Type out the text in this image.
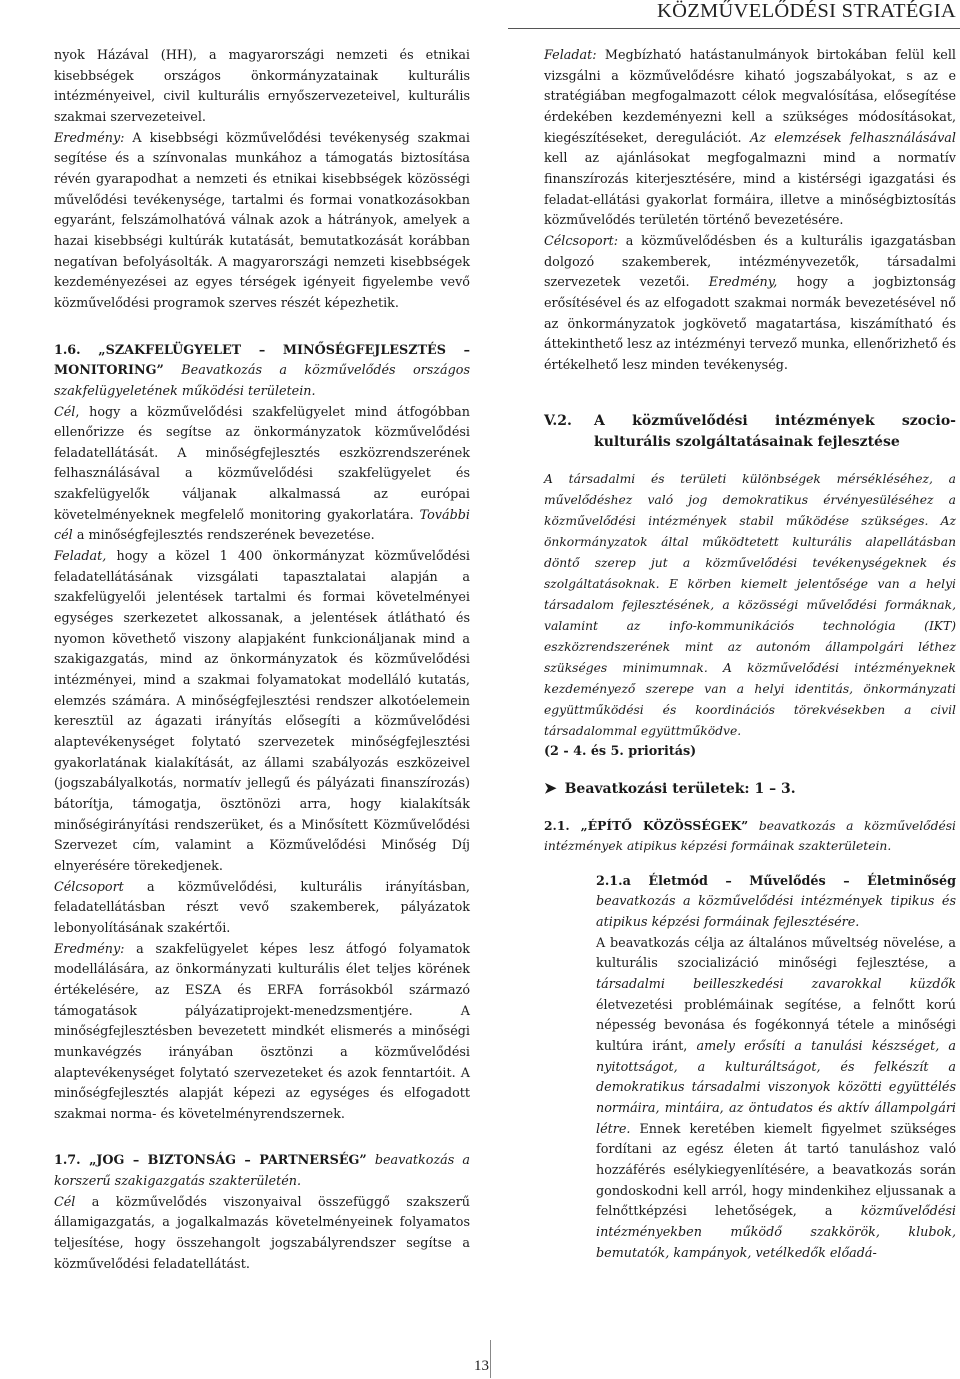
KÖZMŰVELŐDÉSI STRATÉGIA

nyok Házával (HH), a magyarországi nemzeti és etnikai kisebbségek országos önkormányzatainak kulturális intézményeivel, civil kulturális ernyőszervezeteivel, kulturális szakmai szervezeteivel.

Eredmény: A kisebbségi közművelődési tevékenység szakmai segítése és a színvonalas munkához a támogatás biztosítása révén gyarapodhat a nemzeti és etnikai kisebbségek közösségi művelődési tevékenysége, tartalmi és formai vonatkozásokban egyaránt, felszámolhatóvá válnak azok a hátrányok, amelyek a hazai kisebbségi kultúrák kutatását, bemutatkozását korábban negatívan befolyásolták. A magyarországi nemzeti kisebbségek kezdeményezései az egyes térségek igényeit figyelembe vevő közművelődési programok szerves részét képezhetik.

1.6. „SZAKFELÜGYELET – MINŐSÉGFEJLESZTÉS – MONITORING” Beavatkozás a közművelődés országos szakfelügyeletének működési területein.

Cél, hogy a közművelődési szakfelügyelet mind átfogóbban ellenőrizze és segítse az önkormányzatok közművelődési feladatellátását. A minőségfejlesztés eszközrendszerének felhasználásával a közművelődési szakfelügyelet és szakfelügyelők váljanak alkalmassá az európai követelményeknek megfelelő monitoring gyakorlatára. További cél a minőségfejlesztés rendszerének bevezetése.

Feladat, hogy a közel 1 400 önkormányzat közművelődési feladatellátásának vizsgálati tapasztalatai alapján a szakfelügyelői jelentések tartalmi és formai követelményei egységes szerkezetet alkossanak, a jelentések átlátható és nyomon követhető viszony alapjaként funkcionáljanak mind a szakigazgatás, mind az önkormányzatok és közművelődési intézményei, mind a szakmai folyamatokat modelláló kutatás, elemzés számára. A minőségfejlesztési rendszer alkotóelemein keresztül az ágazati irányítás elősegíti a közművelődési alaptevékenységet folytató szervezetek minőségfejlesztési gyakorlatának kialakítását, az állami szabályozás eszközeivel (jogszabályalkotás, normatív jellegű és pályázati finanszírozás) bátorítja, támogatja, ösztönözi arra, hogy kialakítsák minőségirányítási rendszerüket, és a Minősített Közművelődési Szervezet cím, valamint a Közművelődési Minőség Díj elnyerésére törekedjenek.

Célcsoport a közművelődési, kulturális irányításban, feladatellátásban részt vevő szakemberek, pályázatok lebonyolításának szakértői.

Eredmény: a szakfelügyelet képes lesz átfogó folyamatok modellálására, az önkormányzati kulturális élet teljes körének értékelésére, az ESZA és ERFA forrásokból származó támogatások pályázatiprojekt-menedzsmentjére. A minőségfejlesztésben bevezetett mindkét elismerés a minőségi munkavégzés irányában ösztönzi a közművelődési alaptevékenységet folytató szervezeteket és azok fenntartóit. A minőségfejlesztés alapját képezi az egységes és elfogadott szakmai norma- és követelményrendszernek.

1.7. „JOG – BIZTONSÁG – PARTNERSÉG” beavatkozás a korszerű szakigazgatás szakterületén.

Cél a közművelődés viszonyaival összefüggő szakszerű államigazgatás, a jogalkalmazás követelményeinek folyamatos teljesítése, hogy összehangolt jogszabályrendszer segítse a közművelődési feladatellátást.

Feladat: Megbízható hatástanulmányok birtokában felül kell vizsgálni a közművelődésre kiható jogszabályokat, s az e stratégiában megfogalmazott célok megvalósítása, elősegítése érdekében kezdeményezni kell a szükséges módosításokat, kiegészítéseket, deregulációt. Az elemzések felhasználásával kell az ajánlásokat megfogalmazni mind a normatív finanszírozás kiterjesztésére, mind a kistérségi igazgatási és feladat-ellátási gyakorlat formáira, illetve a minőségbiztosítás közművelődés területén történő bevezetésére.

Célcsoport: a közművelődésben és a kulturális igazgatásban dolgozó szakemberek, intézményvezetők, társadalmi szervezetek vezetői. Eredmény, hogy a jogbiztonság erősítésével és az elfogadott szakmai normák bevezetésével nő az önkormányzatok jogkövető magatartása, kiszámítható és áttekinthető lesz az intézményi tervező munka, ellenőrizhető és értékelhető lesz minden tevékenység.

V.2. A közművelődési intézmények szocio-kulturális szolgáltatásainak fejlesztése

A társadalmi és területi különbségek mérsékléséhez, a művelődéshez való jog demokratikus érvényesüléséhez a közművelődési intézmények stabil működése szükséges. Az önkormányzatok által működtetett kulturális alapellátásban döntő szerep jut a közművelődési tevékenységeknek és szolgáltatásoknak. E körben kiemelt jelentősége van a helyi társadalom fejlesztésének, a közösségi művelődési formáknak, valamint az info-kommunikációs technológia (IKT) eszközrendszerének mint az autonóm állampolgári léthez szükséges minimumnak. A közművelődési intézményeknek kezdeményező szerepe van a helyi identitás, önkormányzati együttműködési és koordinációs törekvésekben a civil társadalommal együttműködve.

(2 - 4. és 5. prioritás)

➤ Beavatkozási területek: 1 – 3.

2.1. „ÉPÍTŐ KÖZÖSSÉGEK” beavatkozás a közművelődési intézmények atipikus képzési formáinak szakterületein.

2.1.a Életmód – Művelődés – Életminőség beavatkozás a közművelődési intézmények tipikus és atipikus képzési formáinak fejlesztésére.

A beavatkozás célja az általános műveltség növelése, a kulturális szocializáció minőségi fejlesztése, a társadalmi beilleszkedési zavarokkal küzdők életvezetési problémáinak segítése, a felnőtt korú népesség bevonása és fogékonnyá tétele a minőségi kultúra iránt, amely erősíti a tanulási készséget, a nyitottságot, a kulturáltságot, és felkészít a demokratikus társadalmi viszonyok közötti együttélés normáira, mintáira, az öntudatos és aktív állampolgári létre. Ennek keretében kiemelt figyelmet szükséges fordítani az egész életen át tartó tanuláshoz való hozzáférés esélykiegyenlítésére, a beavatkozás során gondoskodni kell arról, hogy mindenkihez eljussanak a felnőttképzési lehetőségek, a közművelődési intézményekben működő szakkörök, klubok, bemutatók, kampányok, vetélkedők előadá-

13
